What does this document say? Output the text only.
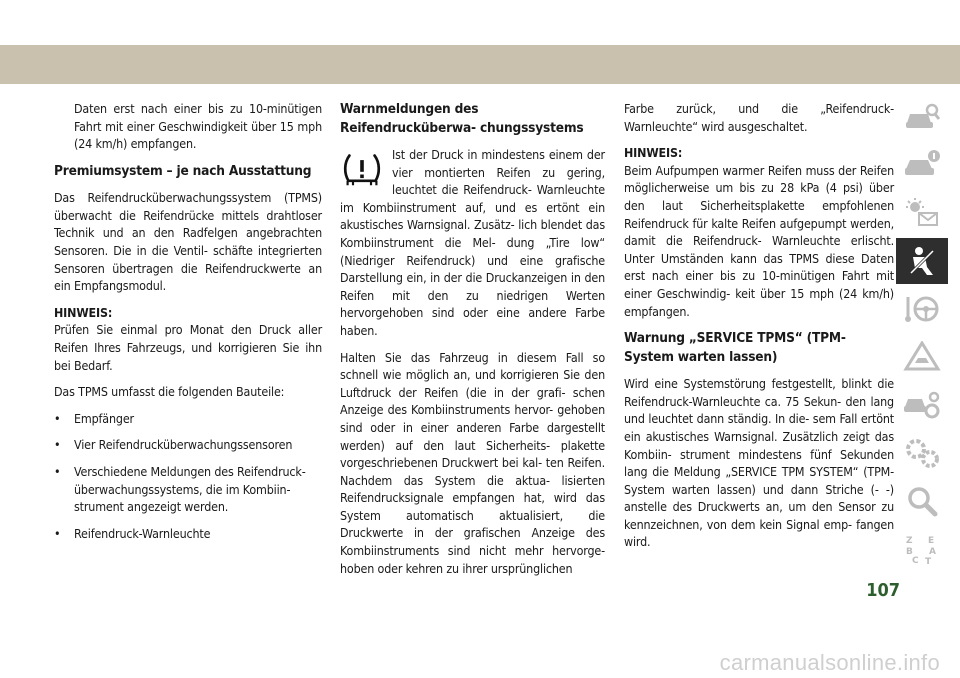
Daten erst nach einer bis zu 10-minütigen Fahrt mit einer Geschwindigkeit über 15 mph (24 km/h) empfangen.

Premiumsystem – je nach Ausstattung

Das Reifendrucküberwachungssystem (TPMS) überwacht die Reifendrücke mittels drahtloser Technik und an den Radfelgen angebrachten Sensoren. Die in die Ventil- schäfte integrierten Sensoren übertragen die Reifendruckwerte an ein Empfangsmodul.

HINWEIS:
Prüfen Sie einmal pro Monat den Druck aller Reifen Ihres Fahrzeugs, und korrigieren Sie ihn bei Bedarf.

Das TPMS umfasst die folgenden Bauteile:

• Empfänger
• Vier Reifendrucküberwachungssensoren
• Verschiedene Meldungen des Reifendruck- überwachungssystems, die im Kombiin- strument angezeigt werden.
• Reifendruck-Warnleuchte
Warnmeldungen des Reifendrucküberwa- chungssystems

Ist der Druck in mindestens einem der vier montierten Reifen zu gering, leuchtet die Reifendruck- Warnleuchte im Kombiinstrument auf, und es ertönt ein akustisches Warnsignal. Zusätz- lich blendet das Kombiinstrument die Mel- dung „Tire low“ (Niedriger Reifendruck) und eine grafische Darstellung ein, in der die Druckanzeigen in den Reifen mit den zu niedrigen Werten hervorgehoben sind oder eine andere Farbe haben.

Halten Sie das Fahrzeug in diesem Fall so schnell wie möglich an, und korrigieren Sie den Luftdruck der Reifen (die in der grafi- schen Anzeige des Kombiinstruments hervor- gehoben sind oder in einer anderen Farbe dargestellt werden) auf den laut Sicherheits- plakette vorgeschriebenen Druckwert bei kal- ten Reifen. Nachdem das System die aktua- lisierten Reifendrucksignale empfangen hat, wird das System automatisch aktualisiert, die Druckwerte in der grafischen Anzeige des Kombiinstruments sind nicht mehr hervorge- hoben oder kehren zu ihrer ursprünglichen

Farbe zurück, und die „Reifendruck- Warnleuchte“ wird ausgeschaltet.

HINWEIS:
Beim Aufpumpen warmer Reifen muss der Reifen möglicherweise um bis zu 28 kPa (4 psi) über den laut Sicherheitsplakette empfohlenen Reifendruck für kalte Reifen aufgepumpt werden, damit die Reifendruck- Warnleuchte erlischt. Unter Umständen kann das TPMS diese Daten erst nach einer bis zu 10-minütigen Fahrt mit einer Geschwindig- keit über 15 mph (24 km/h) empfangen.

Warnung „SERVICE TPMS“ (TPM-System warten lassen)

Wird eine Systemstörung festgestellt, blinkt die Reifendruck-Warnleuchte ca. 75 Sekun- den lang und leuchtet dann ständig. In die- sem Fall ertönt ein akustisches Warnsignal. Zusätzlich zeigt das Kombiin- strument mindestens fünf Sekunden lang die Meldung „SERVICE TPM SYSTEM“ (TPM- System warten lassen) und dann Striche (- -) anstelle des Druckwerts an, um den Sensor zu kennzeichnen, von dem kein Signal emp- fangen wird.	Z E
B A
C T
107
carmanualsonline.info
